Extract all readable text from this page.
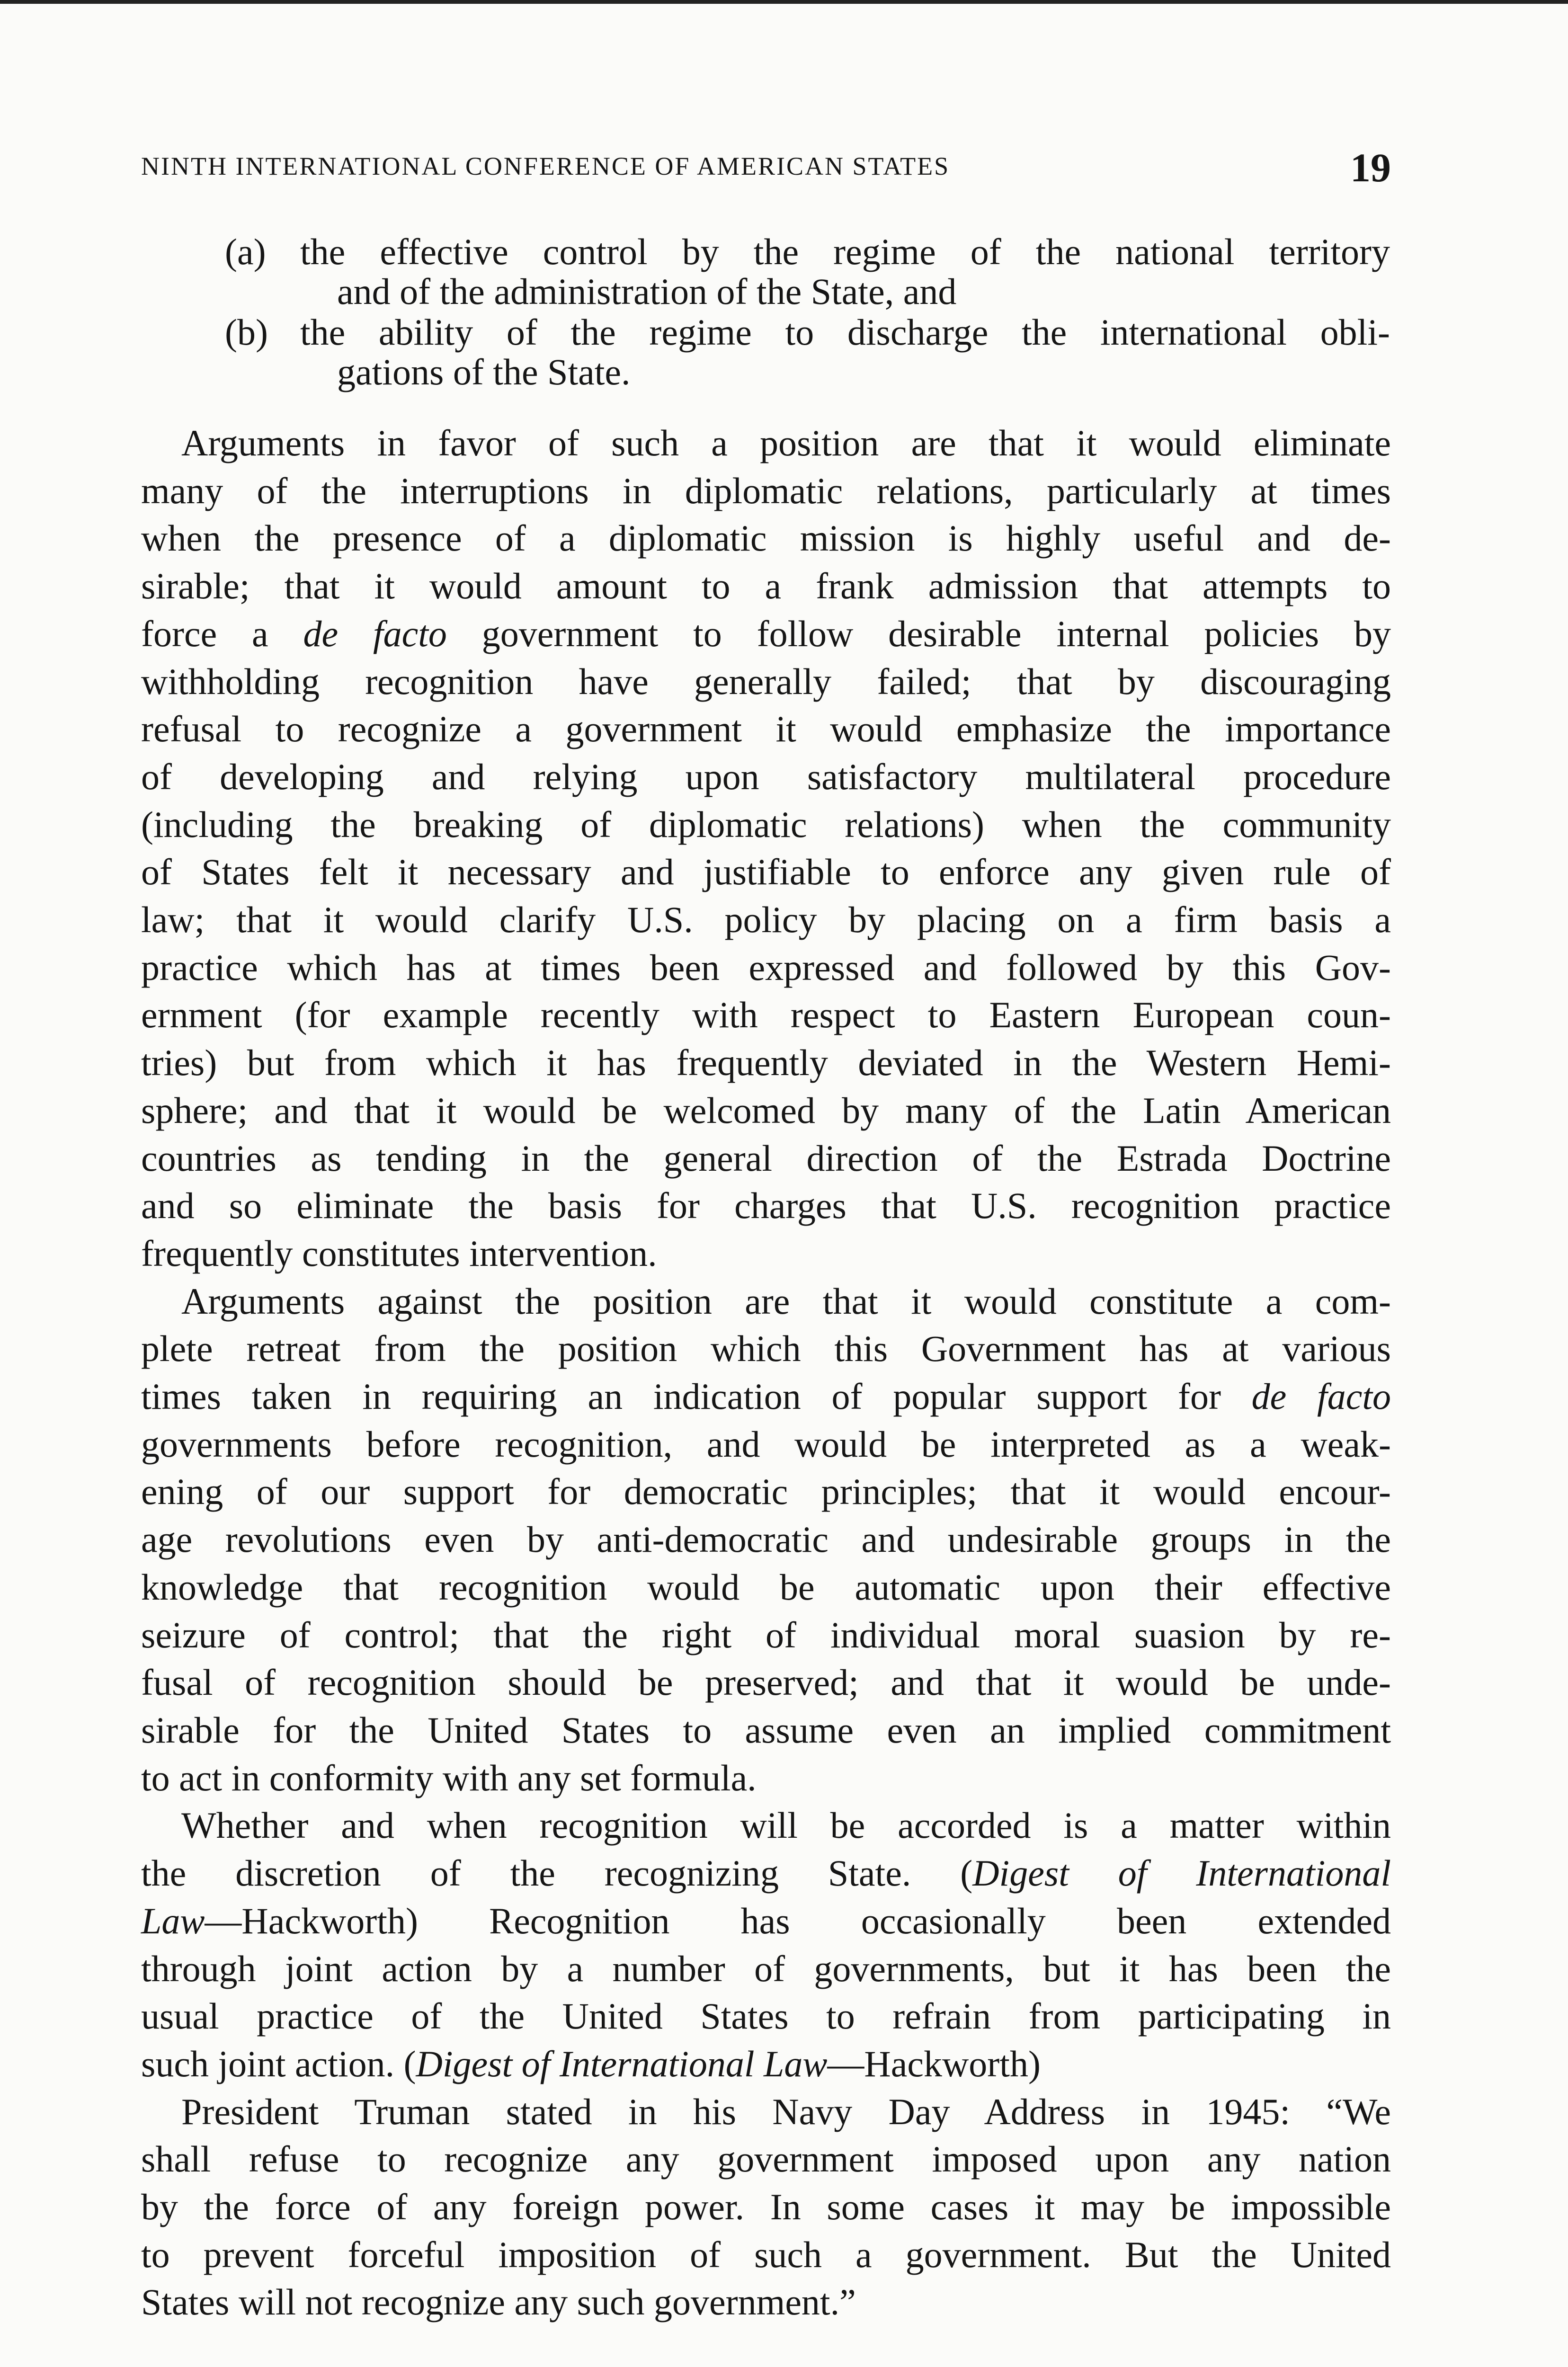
NINTH INTERNATIONAL CONFERENCE OF AMERICAN STATES	19
(a) the effective control by the regime of the national territory
and of the administration of the State, and
(b) the ability of the regime to discharge the international obli-
gations of the State.
Arguments in favor of such a position are that it would eliminate
many of the interruptions in diplomatic relations, particularly at times
when the presence of a diplomatic mission is highly useful and de-
sirable; that it would amount to a frank admission that attempts to
force a de facto government to follow desirable internal policies by
withholding recognition have generally failed; that by discouraging
refusal to recognize a government it would emphasize the importance
of developing and relying upon satisfactory multilateral procedure
(including the breaking of diplomatic relations) when the community
of States felt it necessary and justifiable to enforce any given rule of
law; that it would clarify U.S. policy by placing on a firm basis a
practice which has at times been expressed and followed by this Gov-
ernment (for example recently with respect to Eastern European coun-
tries) but from which it has frequently deviated in the Western Hemi-
sphere; and that it would be welcomed by many of the Latin American
countries as tending in the general direction of the Estrada Doctrine
and so eliminate the basis for charges that U.S. recognition practice
frequently constitutes intervention.
Arguments against the position are that it would constitute a com-
plete retreat from the position which this Government has at various
times taken in requiring an indication of popular support for de facto
governments before recognition, and would be interpreted as a weak-
ening of our support for democratic principles; that it would encour-
age revolutions even by anti-democratic and undesirable groups in the
knowledge that recognition would be automatic upon their effective
seizure of control; that the right of individual moral suasion by re-
fusal of recognition should be preserved; and that it would be unde-
sirable for the United States to assume even an implied commitment
to act in conformity with any set formula.
Whether and when recognition will be accorded is a matter within
the discretion of the recognizing State. (Digest of International
Law—Hackworth) Recognition has occasionally been extended
through joint action by a number of governments, but it has been the
usual practice of the United States to refrain from participating in
such joint action. (Digest of International Law—Hackworth)
President Truman stated in his Navy Day Address in 1945: “We
shall refuse to recognize any government imposed upon any nation
by the force of any foreign power. In some cases it may be impossible
to prevent forceful imposition of such a government. But the United
States will not recognize any such government.”
